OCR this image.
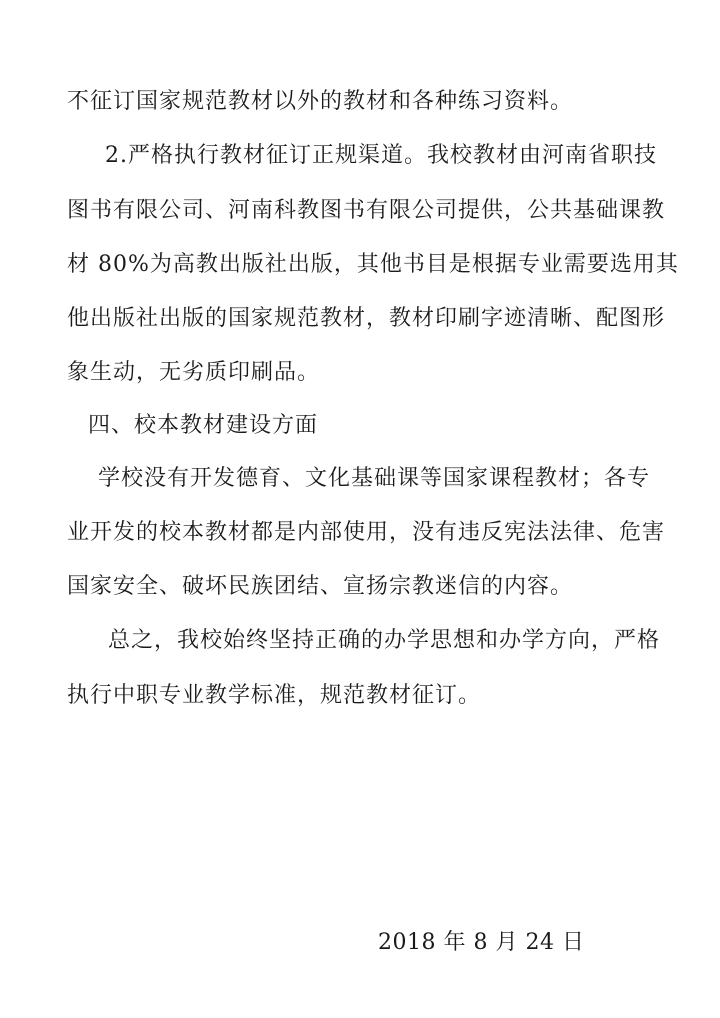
不征订国家规范教材以外的教材和各种练习资料。
2.严格执行教材征订正规渠道。我校教材由河南省职技
图书有限公司、河南科教图书有限公司提供，公共基础课教
材 80%为高教出版社出版，其他书目是根据专业需要选用其
他出版社出版的国家规范教材，教材印刷字迹清晰、配图形
象生动，无劣质印刷品。
四、校本教材建设方面
学校没有开发德育、文化基础课等国家课程教材；各专
业开发的校本教材都是内部使用，没有违反宪法法律、危害
国家安全、破坏民族团结、宣扬宗教迷信的内容。
总之，我校始终坚持正确的办学思想和办学方向，严格
执行中职专业教学标准，规范教材征订。
2018 年 8 月 24 日
